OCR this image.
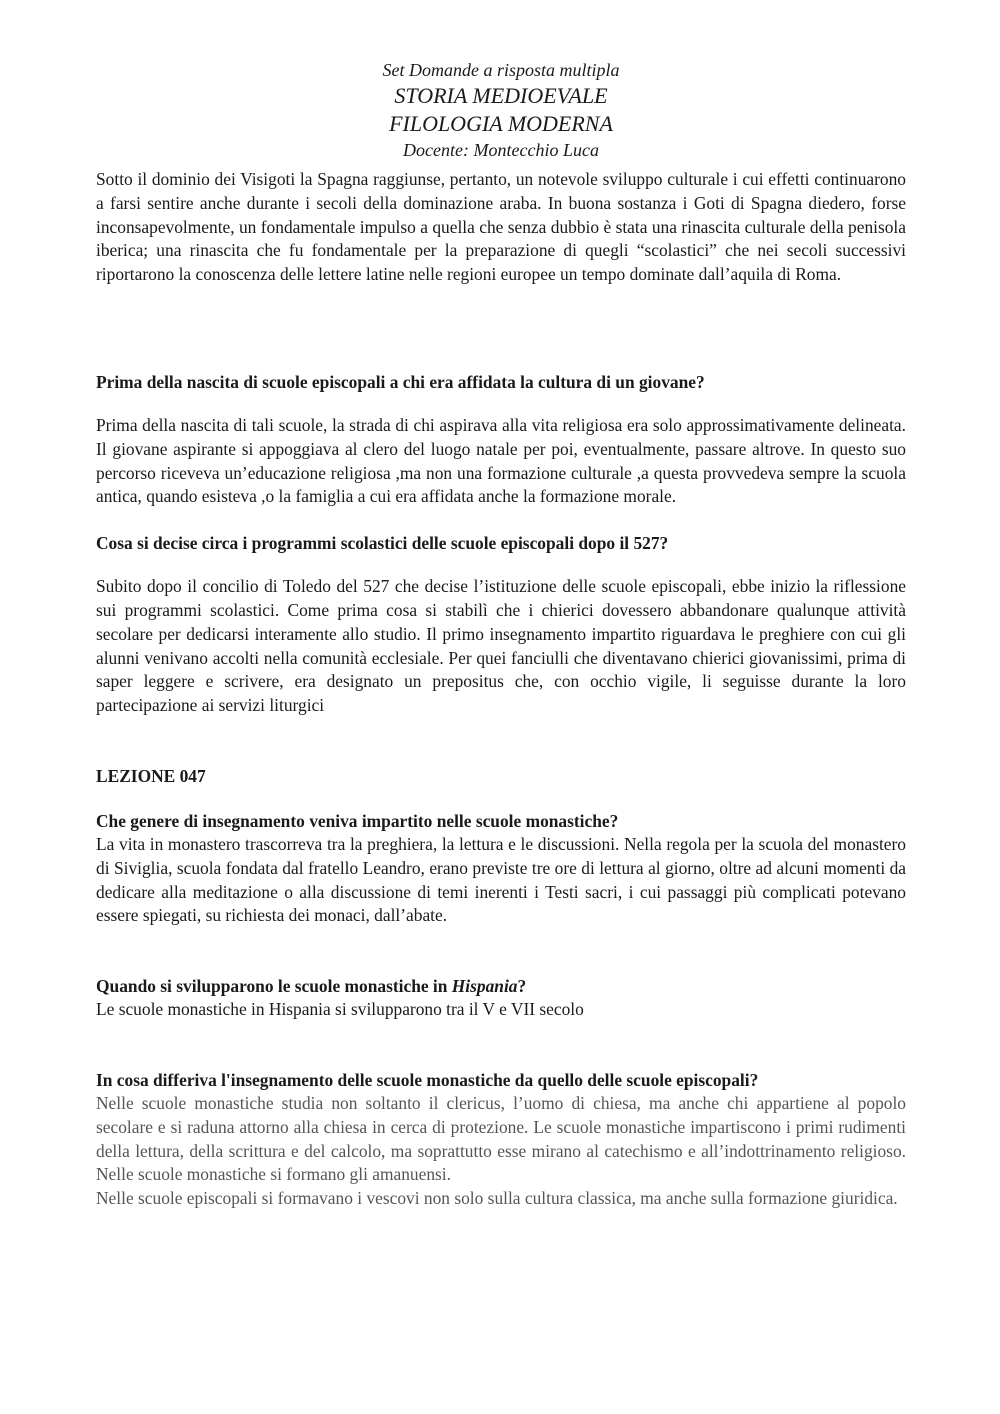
Set Domande a risposta multipla
STORIA MEDIOEVALE
FILOLOGIA MODERNA
Docente: Montecchio Luca

Sotto il dominio dei Visigoti la Spagna raggiunse, pertanto, un notevole sviluppo culturale i cui effetti continuarono a farsi sentire anche durante i secoli della dominazione araba. In buona sostanza i Goti di Spagna diedero, forse inconsapevolmente, un fondamentale impulso a quella che senza dubbio è stata una rinascita culturale della penisola iberica; una rinascita che fu fondamentale per la preparazione di quegli “scolastici” che nei secoli successivi riportarono la conoscenza delle lettere latine nelle regioni europee un tempo dominate dall’aquila di Roma.

Prima della nascita di scuole episcopali a chi era affidata la cultura di un giovane?

Prima della nascita di tali scuole, la strada di chi aspirava alla vita religiosa era solo approssimativamente delineata. Il giovane aspirante si appoggiava al clero del luogo natale per poi, eventualmente, passare altrove. In questo suo percorso riceveva un’educazione religiosa ,ma non una formazione culturale ,a questa provvedeva sempre la scuola antica, quando esisteva ,o la famiglia a cui era affidata anche la formazione morale.

Cosa si decise circa i programmi scolastici delle scuole episcopali dopo il 527?

Subito dopo il concilio di Toledo del 527 che decise l’istituzione delle scuole episcopali, ebbe inizio la riflessione sui programmi scolastici. Come prima cosa si stabilì che i chierici dovessero abbandonare qualunque attività secolare per dedicarsi interamente allo studio. Il primo insegnamento impartito riguardava le preghiere con cui gli alunni venivano accolti nella comunità ecclesiale. Per quei fanciulli che diventavano chierici giovanissimi, prima di saper leggere e scrivere, era designato un prepositus che, con occhio vigile, li seguisse durante la loro partecipazione ai servizi liturgici

LEZIONE 047

Che genere di insegnamento veniva impartito nelle scuole monastiche?

La vita in monastero trascorreva tra la preghiera, la lettura e le discussioni. Nella regola per la scuola del monastero di Siviglia, scuola fondata dal fratello Leandro, erano previste tre ore di lettura al giorno, oltre ad alcuni momenti da dedicare alla meditazione o alla discussione di temi inerenti i Testi sacri, i cui passaggi più complicati potevano essere spiegati, su richiesta dei monaci, dall’abate.

Quando si svilupparono le scuole monastiche in Hispania?

Le scuole monastiche in Hispania si svilupparono tra il V e VII secolo

In cosa differiva l'insegnamento delle scuole monastiche da quello delle scuole episcopali?

Nelle scuole monastiche studia non soltanto il clericus, l’uomo di chiesa, ma anche chi appartiene al popolo secolare e si raduna attorno alla chiesa in cerca di protezione. Le scuole monastiche impartiscono i primi rudimenti della lettura, della scrittura e del calcolo, ma soprattutto esse mirano al catechismo e all’indottrinamento religioso. Nelle scuole monastiche si formano gli amanuensi.

Nelle scuole episcopali si formavano i vescovi non solo sulla cultura classica, ma anche sulla formazione giuridica.
